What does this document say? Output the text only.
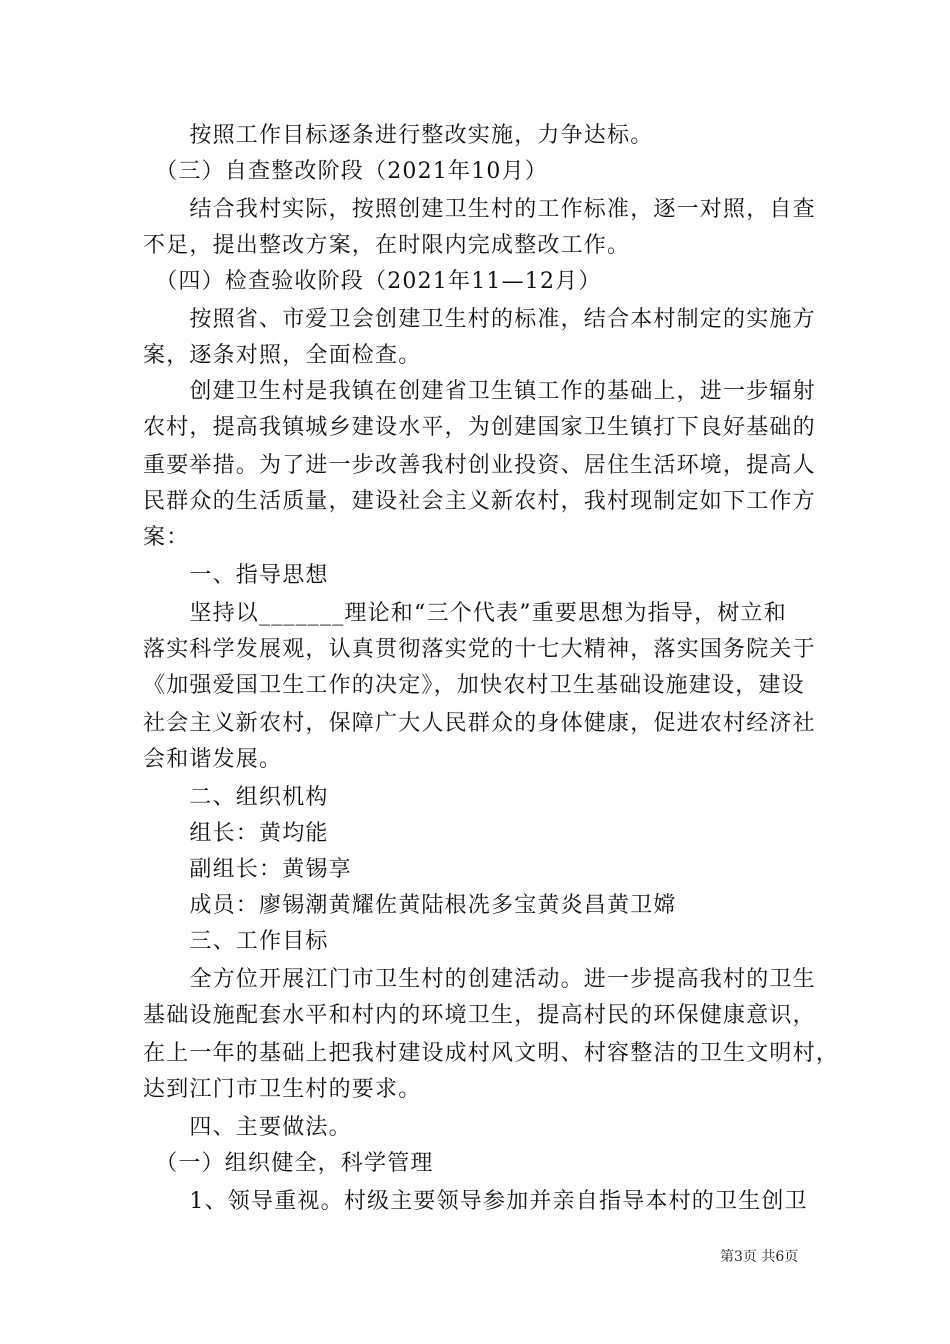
　　按照工作目标逐条进行整改实施，力争达标。
　（三）自查整改阶段（2021年10月）
　　结合我村实际，按照创建卫生村的工作标准，逐一对照，自查
不足，提出整改方案，在时限内完成整改工作。
　（四）检查验收阶段（2021年11—12月）
　　按照省、市爱卫会创建卫生村的标准，结合本村制定的实施方
案，逐条对照，全面检查。
　　创建卫生村是我镇在创建省卫生镇工作的基础上，进一步辐射
农村，提高我镇城乡建设水平，为创建国家卫生镇打下良好基础的
重要举措。为了进一步改善我村创业投资、居住生活环境，提高人
民群众的生活质量，建设社会主义新农村，我村现制定如下工作方
案：
　　一、指导思想
　　坚持以_______理论和“三个代表”重要思想为指导，树立和
落实科学发展观，认真贯彻落实党的十七大精神，落实国务院关于
《加强爱国卫生工作的决定》，加快农村卫生基础设施建设，建设
社会主义新农村，保障广大人民群众的身体健康，促进农村经济社
会和谐发展。
　　二、组织机构
　　组长：黄均能
　　副组长：黄锡享
　　成员：廖锡潮黄耀佐黄陆根冼多宝黄炎昌黄卫嫦
　　三、工作目标
　　全方位开展江门市卫生村的创建活动。进一步提高我村的卫生
基础设施配套水平和村内的环境卫生，提高村民的环保健康意识，
在上一年的基础上把我村建设成村风文明、村容整洁的卫生文明村，
达到江门市卫生村的要求。
　　四、主要做法。
　（一）组织健全，科学管理
　　1、领导重视。村级主要领导参加并亲自指导本村的卫生创卫
第3页 共6页
